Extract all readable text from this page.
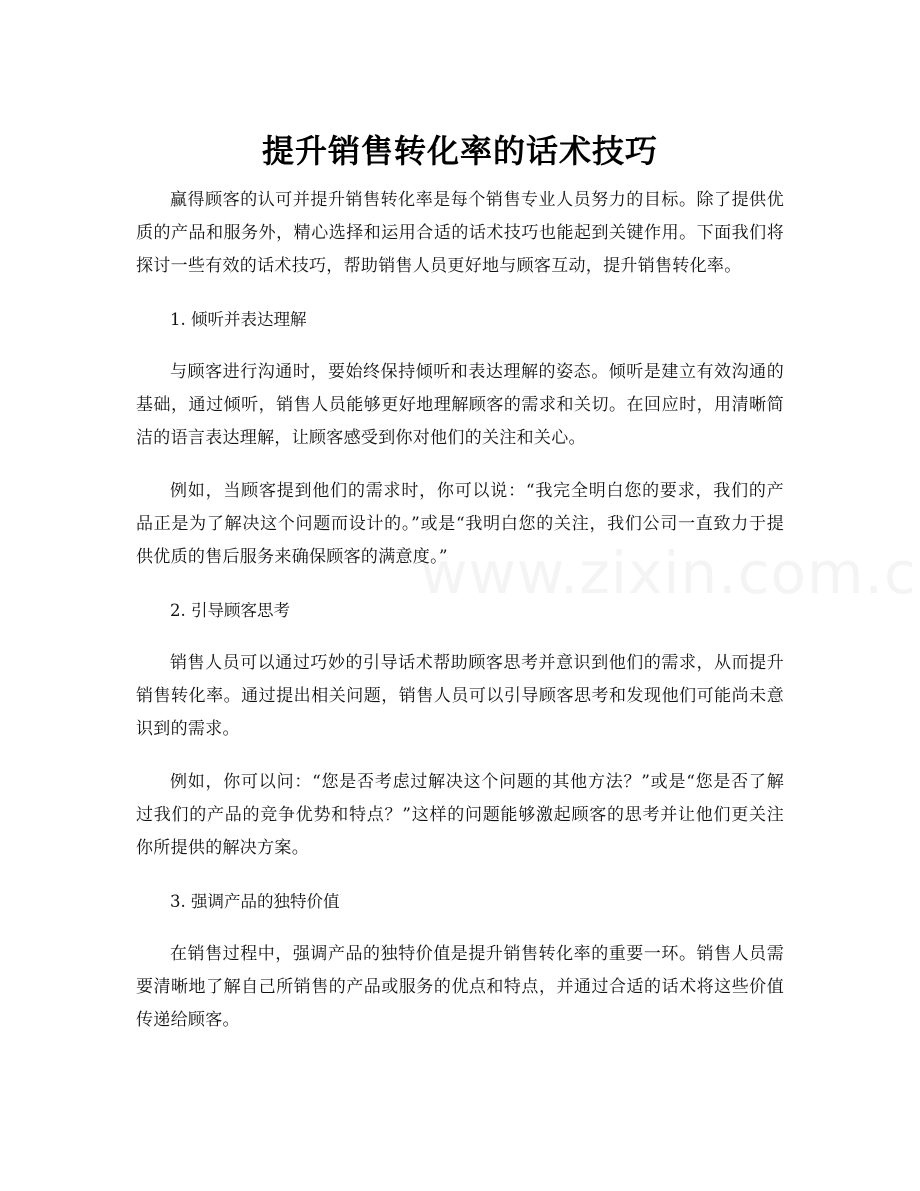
提升销售转化率的话术技巧

赢得顾客的认可并提升销售转化率是每个销售专业人员努力的目标。除了提供优质的产品和服务外，精心选择和运用合适的话术技巧也能起到关键作用。下面我们将探讨一些有效的话术技巧，帮助销售人员更好地与顾客互动，提升销售转化率。

1. 倾听并表达理解

与顾客进行沟通时，要始终保持倾听和表达理解的姿态。倾听是建立有效沟通的基础，通过倾听，销售人员能够更好地理解顾客的需求和关切。在回应时，用清晰简洁的语言表达理解，让顾客感受到你对他们的关注和关心。

例如，当顾客提到他们的需求时，你可以说：“我完全明白您的要求，我们的产品正是为了解决这个问题而设计的。”或是“我明白您的关注，我们公司一直致力于提供优质的售后服务来确保顾客的满意度。”

2. 引导顾客思考

销售人员可以通过巧妙的引导话术帮助顾客思考并意识到他们的需求，从而提升销售转化率。通过提出相关问题，销售人员可以引导顾客思考和发现他们可能尚未意识到的需求。

例如，你可以问：“您是否考虑过解决这个问题的其他方法？”或是“您是否了解过我们的产品的竞争优势和特点？”这样的问题能够激起顾客的思考并让他们更关注你所提供的解决方案。

3. 强调产品的独特价值

在销售过程中，强调产品的独特价值是提升销售转化率的重要一环。销售人员需要清晰地了解自己所销售的产品或服务的优点和特点，并通过合适的话术将这些价值传递给顾客。
